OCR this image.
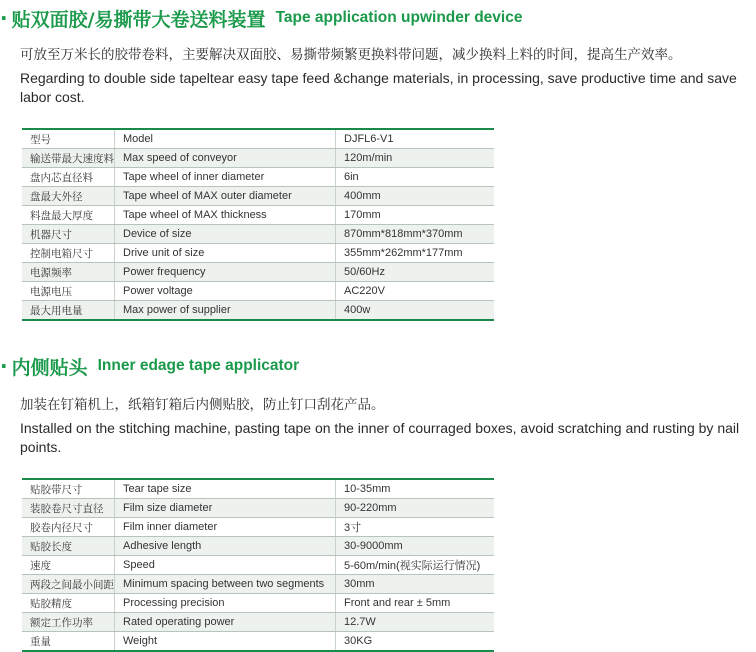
· 贴双面胶/易撕带大卷送料装置 Tape application upwinder device

可放至万米长的胶带卷料，主要解决双面胶、易撕带频繁更换料带问题，减少换料上料的时间，提高生产效率。

Regarding to double side tapeltear easy tape feed &change materials, in processing, save productive time and save labor cost.

型号	Model	DJFL6-V1
输送带最大速度料	Max speed of conveyor	120m/min
盘内芯直径料	Tape wheel of inner diameter	6in
盘最大外径	Tape wheel of MAX outer diameter	400mm
料盘最大厚度	Tape wheel of MAX thickness	170mm
机器尺寸	Device of size	870mm*818mm*370mm
控制电箱尺寸	Drive unit of size	355mm*262mm*177mm
电源频率	Power frequency	50/60Hz
电源电压	Power voltage	AC220V
最大用电量	Max power of supplier	400w
· 内侧贴头 Inner edage tape applicator

加装在钉箱机上，纸箱钉箱后内侧贴胶，防止钉口刮花产品。

Installed on the stitching machine, pasting tape on the inner of courraged boxes, avoid scratching and rusting by nail points.

贴胶带尺寸	Tear tape size	10-35mm
装胶卷尺寸直径	Film size diameter	90-220mm
胶卷内径尺寸	Film inner diameter	3寸
贴胶长度	Adhesive length	30-9000mm
速度	Speed	5-60m/min(视实际运行情况)
两段之间最小间距	Minimum spacing between two segments	30mm
贴胶精度	Processing precision	Front and rear ± 5mm
额定工作功率	Rated operating power	12.7W
重量	Weight	30KG
